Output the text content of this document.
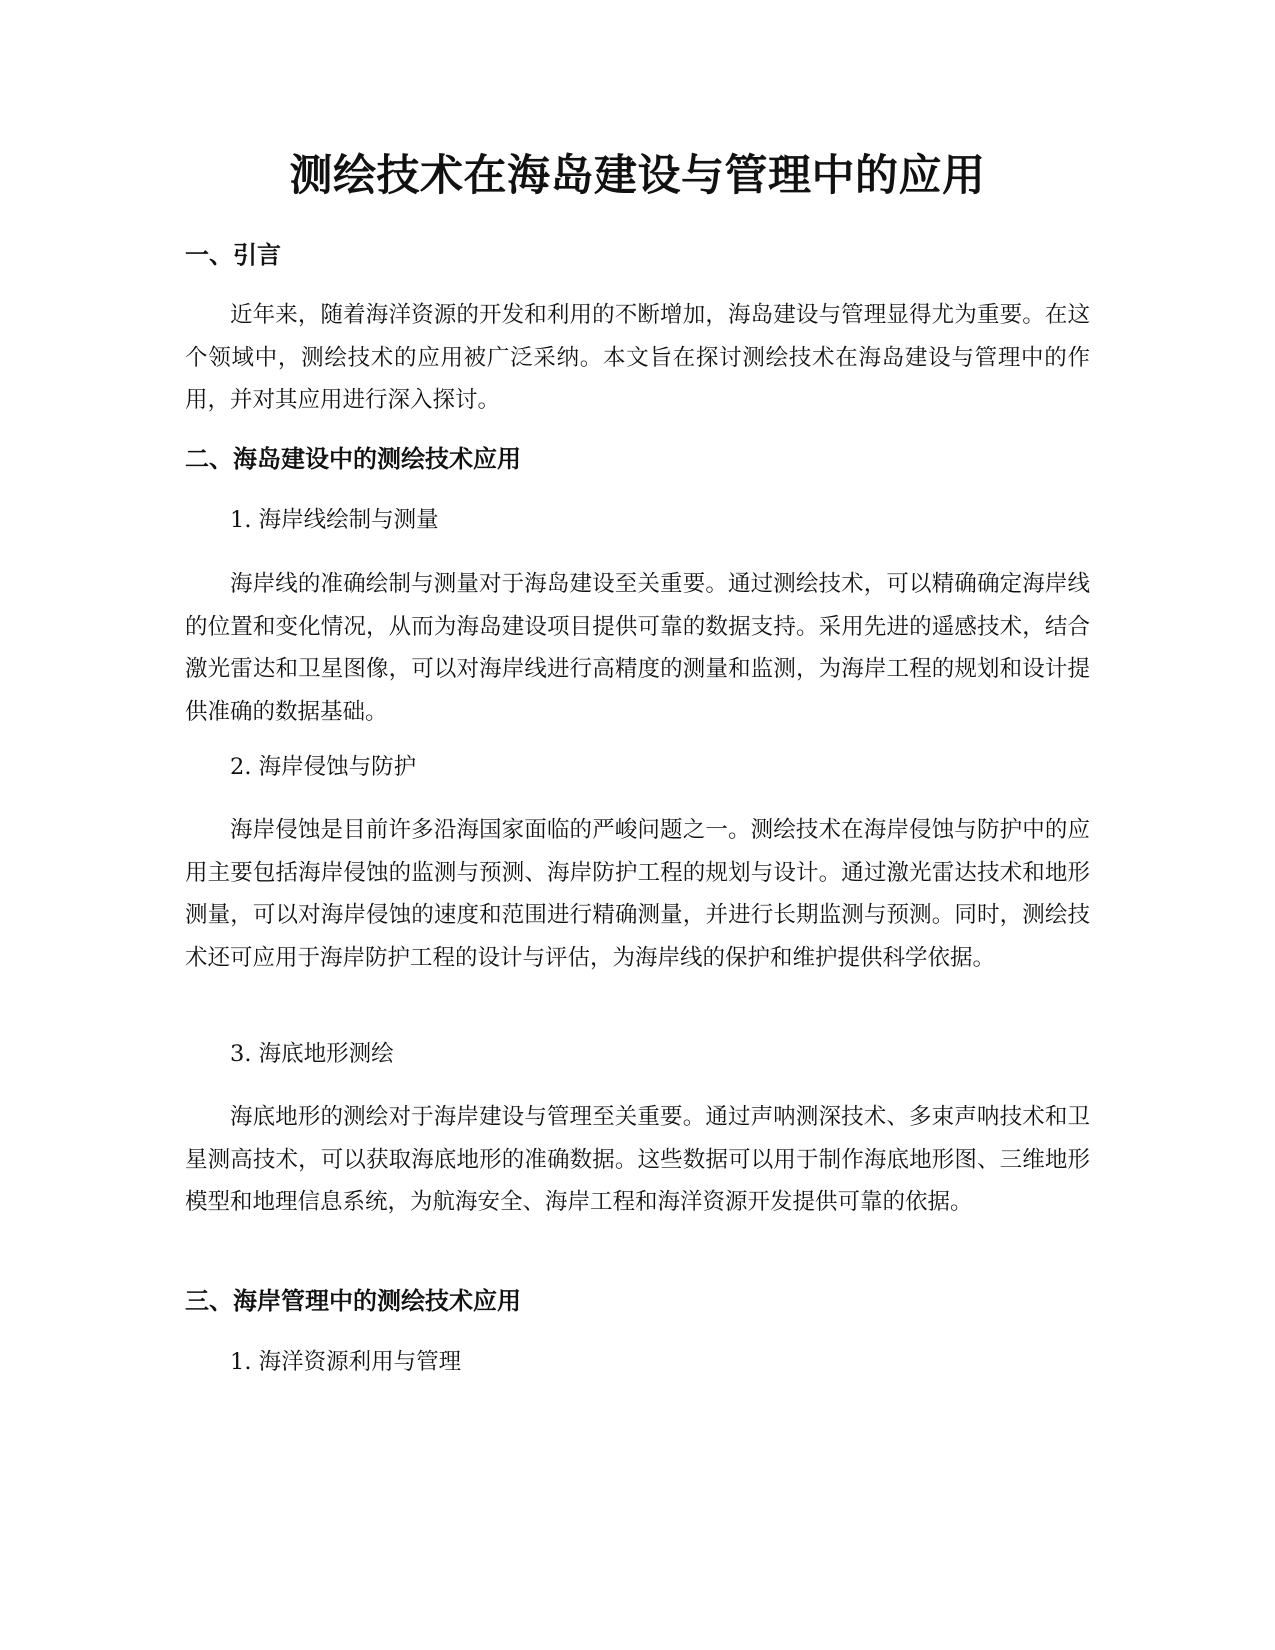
测绘技术在海岛建设与管理中的应用
一、引言

近年来，随着海洋资源的开发和利用的不断增加，海岛建设与管理显得尤为重要。在这个领域中，测绘技术的应用被广泛采纳。本文旨在探讨测绘技术在海岛建设与管理中的作用，并对其应用进行深入探讨。

二、海岛建设中的测绘技术应用
1. 海岸线绘制与测量

海岸线的准确绘制与测量对于海岛建设至关重要。通过测绘技术，可以精确确定海岸线的位置和变化情况，从而为海岛建设项目提供可靠的数据支持。采用先进的遥感技术，结合激光雷达和卫星图像，可以对海岸线进行高精度的测量和监测，为海岸工程的规划和设计提供准确的数据基础。

2. 海岸侵蚀与防护

海岸侵蚀是目前许多沿海国家面临的严峻问题之一。测绘技术在海岸侵蚀与防护中的应用主要包括海岸侵蚀的监测与预测、海岸防护工程的规划与设计。通过激光雷达技术和地形测量，可以对海岸侵蚀的速度和范围进行精确测量，并进行长期监测与预测。同时，测绘技术还可应用于海岸防护工程的设计与评估，为海岸线的保护和维护提供科学依据。

3. 海底地形测绘

海底地形的测绘对于海岸建设与管理至关重要。通过声呐测深技术、多束声呐技术和卫星测高技术，可以获取海底地形的准确数据。这些数据可以用于制作海底地形图、三维地形模型和地理信息系统，为航海安全、海岸工程和海洋资源开发提供可靠的依据。

三、海岸管理中的测绘技术应用
1. 海洋资源利用与管理
